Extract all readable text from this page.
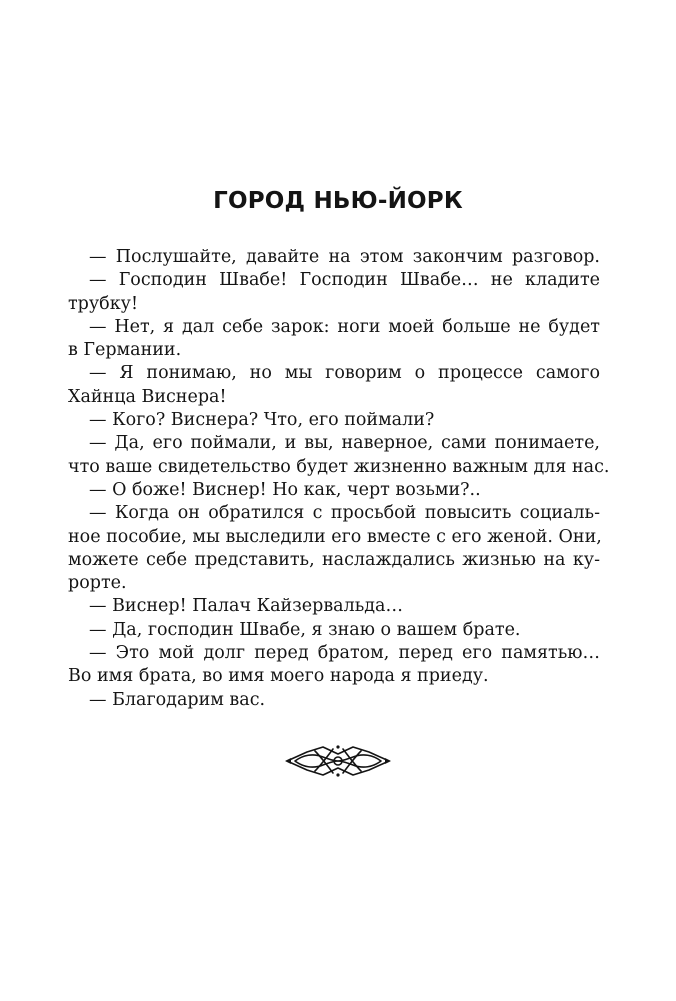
ГОРОД НЬЮ-ЙОРК
— Послушайте, давайте на этом закончим разговор.
— Господин Швабе! Господин Швабе… не кладите
трубку!
— Нет, я дал себе зарок: ноги моей больше не будет
в Германии.
— Я понимаю, но мы говорим о процессе самого
Хайнца Виснера!
— Кого? Виснера? Что, его поймали?
— Да, его поймали, и вы, наверное, сами понимаете,
что ваше свидетельство будет жизненно важным для нас.
— О боже! Виснер! Но как, черт возьми?..
— Когда он обратился с просьбой повысить социаль-
ное пособие, мы выследили его вместе с его женой. Они,
можете себе представить, наслаждались жизнью на ку-
рорте.
— Виснер! Палач Кайзервальда…
— Да, господин Швабе, я знаю о вашем брате.
— Это мой долг перед братом, перед его памятью…
Во имя брата, во имя моего народа я приеду.
— Благодарим вас.
